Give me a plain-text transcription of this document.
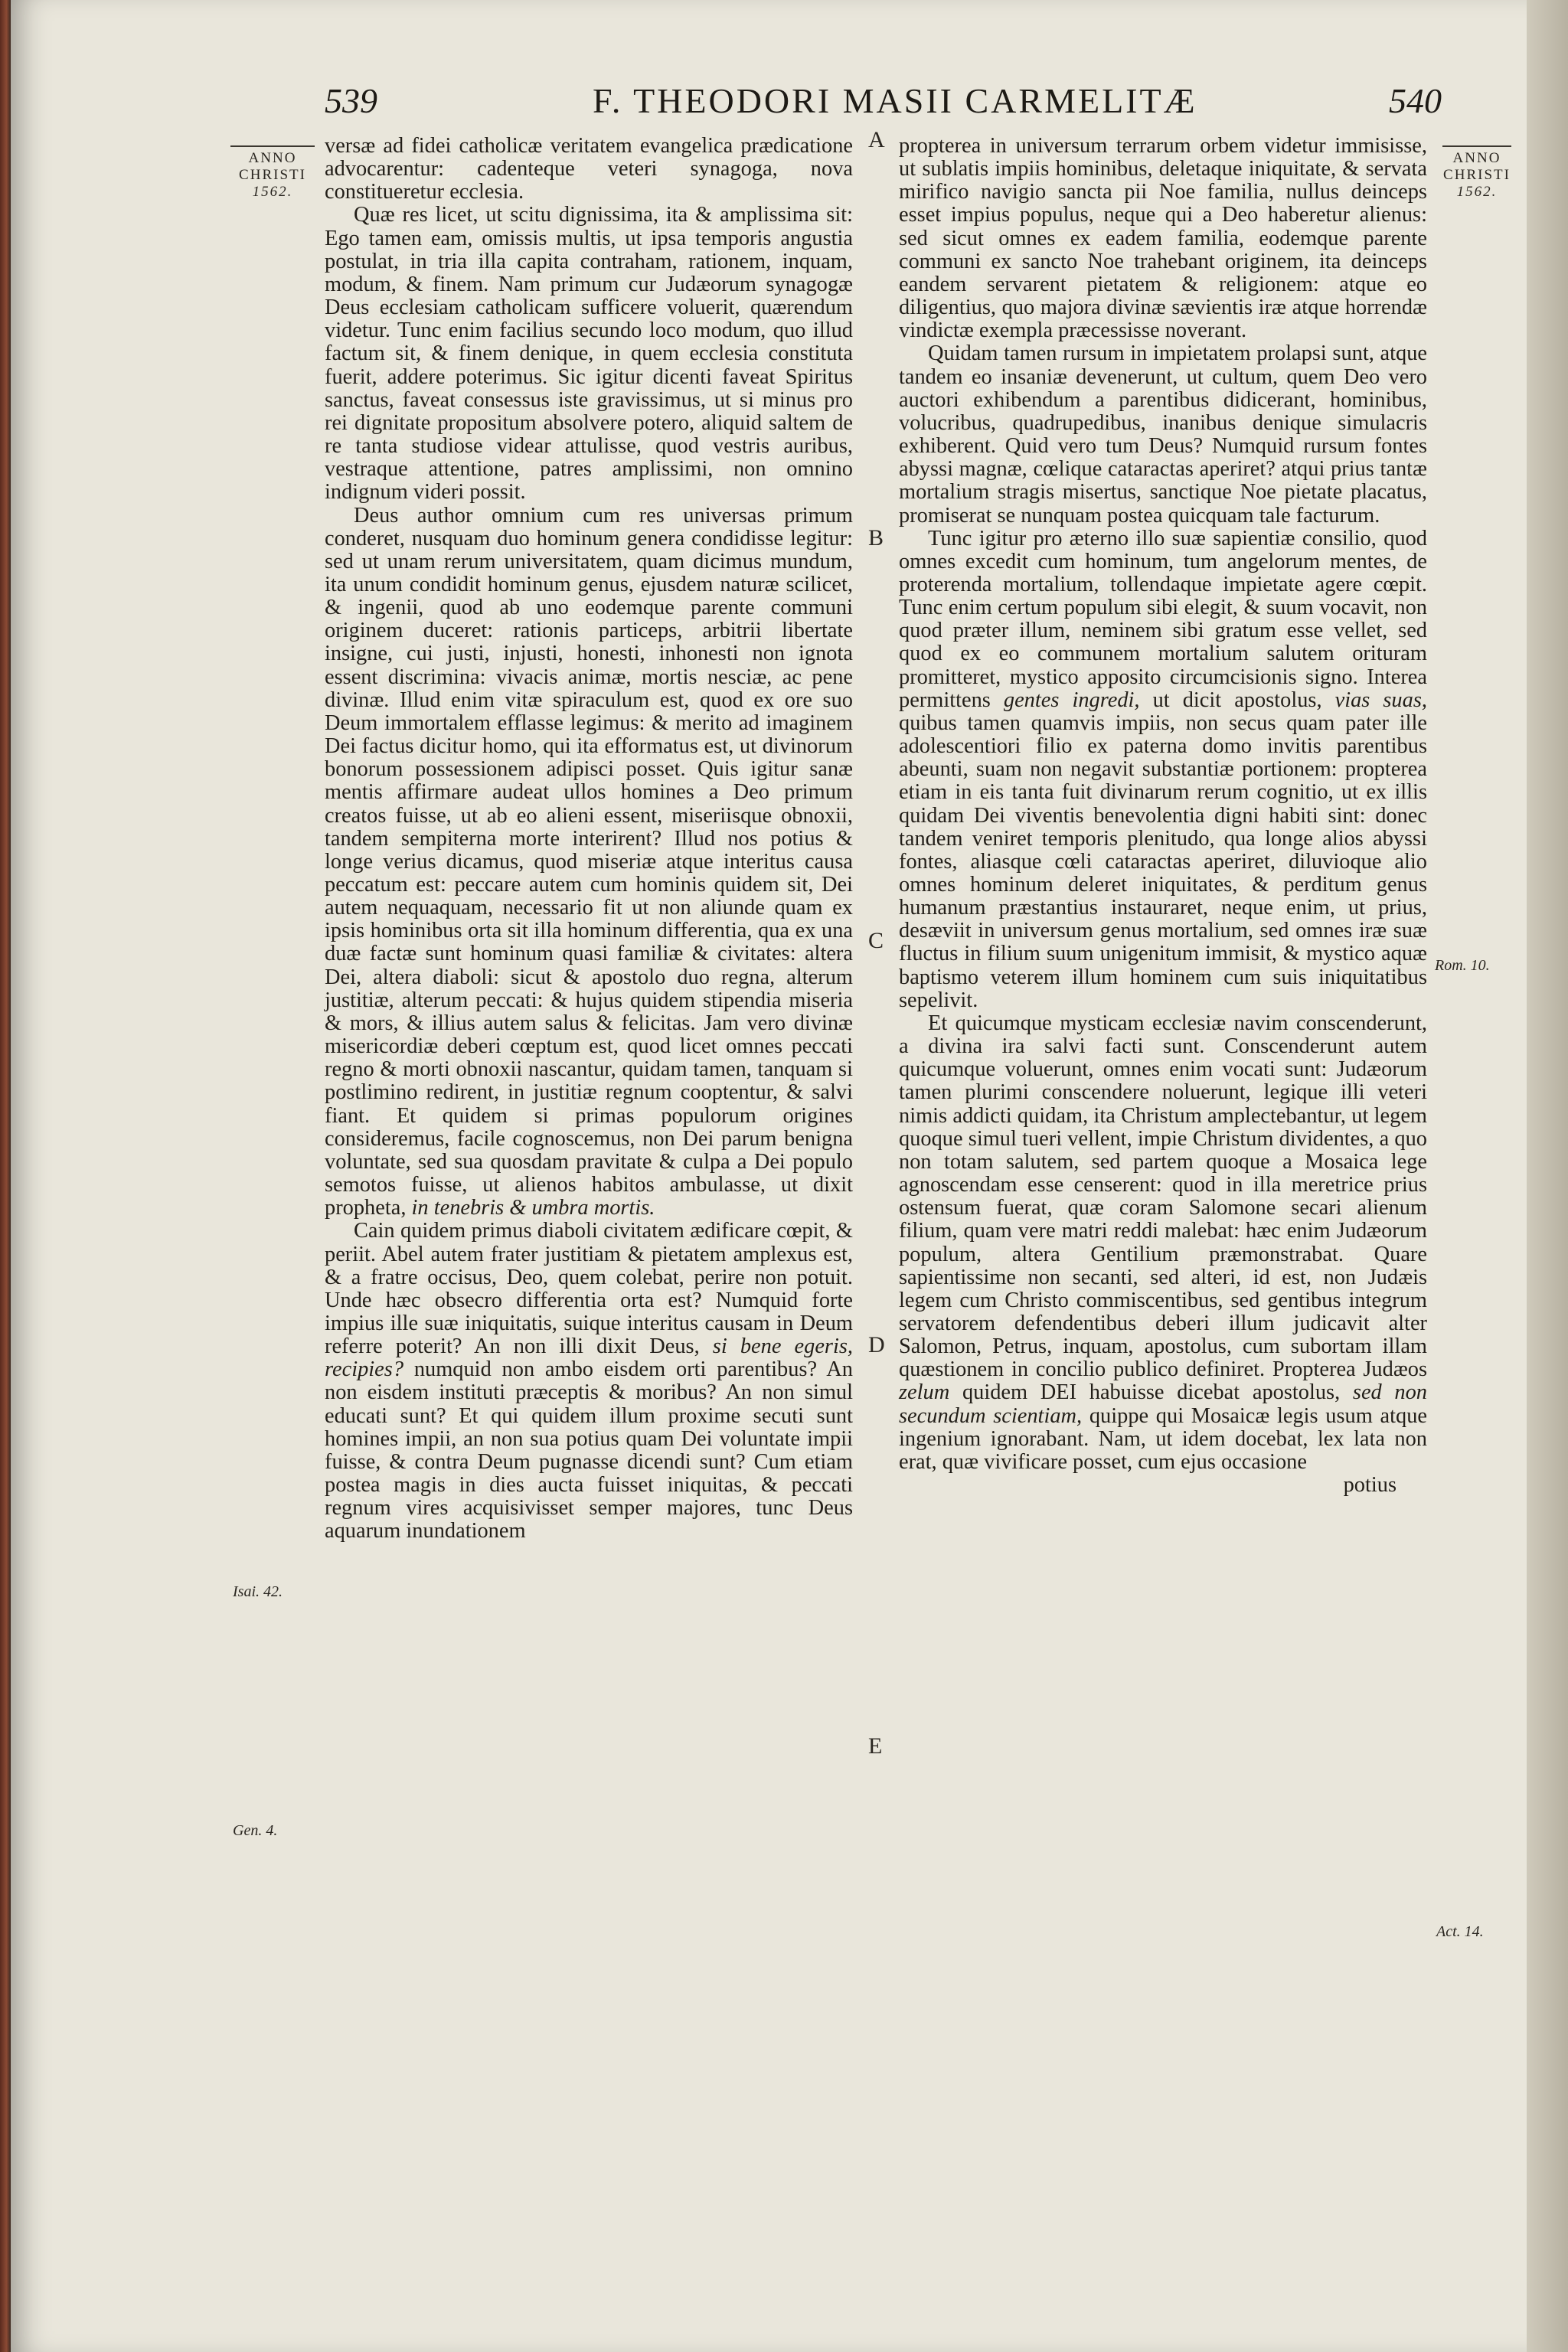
539	F. THEODORI MASII CARMELITÆ	540
ANNO
CHRISTI
1562.
Isai. 42.
Gen. 4.
A
B
C
D
E

versæ ad fidei catholicæ veritatem evangelica prædicatione advocarentur: cadenteque veteri synagoga, nova constitueretur ecclesia.

Quæ res licet, ut scitu dignissima, ita & amplissima sit: Ego tamen eam, omissis multis, ut ipsa temporis angustia postulat, in tria illa capita contraham, rationem, inquam, modum, & finem. Nam primum cur Judæorum synagogæ Deus ecclesiam catholicam sufficere voluerit, quærendum videtur. Tunc enim facilius secundo loco modum, quo illud factum sit, & finem denique, in quem ecclesia constituta fuerit, addere poterimus. Sic igitur dicenti faveat Spiritus sanctus, faveat consessus iste gravissimus, ut si minus pro rei dignitate propositum absolvere potero, aliquid saltem de re tanta studiose videar attulisse, quod vestris auribus, vestraque attentione, patres amplissimi, non omnino indignum videri possit.

Deus author omnium cum res universas primum conderet, nusquam duo hominum genera condidisse legitur: sed ut unam rerum universitatem, quam dicimus mundum, ita unum condidit hominum genus, ejusdem naturæ scilicet, & ingenii, quod ab uno eodemque parente communi originem duceret: rationis particeps, arbitrii libertate insigne, cui justi, injusti, honesti, inhonesti non ignota essent discrimina: vivacis animæ, mortis nesciæ, ac pene divinæ. Illud enim vitæ spiraculum est, quod ex ore suo Deum immortalem efflasse legimus: & merito ad imaginem Dei factus dicitur homo, qui ita efformatus est, ut divinorum bonorum possessionem adipisci posset. Quis igitur sanæ mentis affirmare audeat ullos homines a Deo primum creatos fuisse, ut ab eo alieni essent, miseriisque obnoxii, tandem sempiterna morte interirent? Illud nos potius & longe verius dicamus, quod miseriæ atque interitus causa peccatum est: peccare autem cum hominis quidem sit, Dei autem nequaquam, necessario fit ut non aliunde quam ex ipsis hominibus orta sit illa hominum differentia, qua ex una duæ factæ sunt hominum quasi familiæ & civitates: altera Dei, altera diaboli: sicut & apostolo duo regna, alterum justitiæ, alterum peccati: & hujus quidem stipendia miseria & mors, & illius autem salus & felicitas. Jam vero divinæ misericordiæ deberi cœptum est, quod licet omnes peccati regno & morti obnoxii nascantur, quidam tamen, tanquam si postlimino redirent, in justitiæ regnum cooptentur, & salvi fiant. Et quidem si primas populorum origines consideremus, facile cognoscemus, non Dei parum benigna voluntate, sed sua quosdam pravitate & culpa a Dei populo semotos fuisse, ut alienos habitos ambulasse, ut dixit propheta, in tenebris & umbra mortis.

Cain quidem primus diaboli civitatem ædificare cœpit, & periit. Abel autem frater justitiam & pietatem amplexus est, & a fratre occisus, Deo, quem colebat, perire non potuit. Unde hæc obsecro differentia orta est? Numquid forte impius ille suæ iniquitatis, suique interitus causam in Deum referre poterit? An non illi dixit Deus, si bene egeris, recipies? numquid non ambo eisdem orti parentibus? An non eisdem instituti præceptis & moribus? An non simul educati sunt? Et qui quidem illum proxime secuti sunt homines impii, an non sua potius quam Dei voluntate impii fuisse, & contra Deum pugnasse dicendi sunt? Cum etiam postea magis in dies aucta fuisset iniquitas, & peccati regnum vires acquisivisset semper majores, tunc Deus aquarum inundationem

propterea in universum terrarum orbem videtur immisisse, ut sublatis impiis hominibus, deletaque iniquitate, & servata mirifico navigio sancta pii Noe familia, nullus deinceps esset impius populus, neque qui a Deo haberetur alienus: sed sicut omnes ex eadem familia, eodemque parente communi ex sancto Noe trahebant originem, ita deinceps eandem servarent pietatem & religionem: atque eo diligentius, quo majora divinæ sævientis iræ atque horrendæ vindictæ exempla præcessisse noverant.

Quidam tamen rursum in impietatem prolapsi sunt, atque tandem eo insaniæ devenerunt, ut cultum, quem Deo vero auctori exhibendum a parentibus didicerant, hominibus, volucribus, quadrupedibus, inanibus denique simulacris exhiberent. Quid vero tum Deus? Numquid rursum fontes abyssi magnæ, cœlique cataractas aperiret? atqui prius tantæ mortalium stragis misertus, sanctique Noe pietate placatus, promiserat se nunquam postea quicquam tale facturum.

Tunc igitur pro æterno illo suæ sapientiæ consilio, quod omnes excedit cum hominum, tum angelorum mentes, de proterenda mortalium, tollendaque impietate agere cœpit. Tunc enim certum populum sibi elegit, & suum vocavit, non quod præter illum, neminem sibi gratum esse vellet, sed quod ex eo communem mortalium salutem orituram promitteret, mystico apposito circumcisionis signo. Interea permittens gentes ingredi, ut dicit apostolus, vias suas, quibus tamen quamvis impiis, non secus quam pater ille adolescentiori filio ex paterna domo invitis parentibus abeunti, suam non negavit substantiæ portionem: propterea etiam in eis tanta fuit divinarum rerum cognitio, ut ex illis quidam Dei viventis benevolentia digni habiti sint: donec tandem veniret temporis plenitudo, qua longe alios abyssi fontes, aliasque cœli cataractas aperiret, diluvioque alio omnes hominum deleret iniquitates, & perditum genus humanum præstantius instauraret, neque enim, ut prius, desæviit in universum genus mortalium, sed omnes iræ suæ fluctus in filium suum unigenitum immisit, & mystico aquæ baptismo veterem illum hominem cum suis iniquitatibus sepelivit.

Et quicumque mysticam ecclesiæ navim conscenderunt, a divina ira salvi facti sunt. Conscenderunt autem quicumque voluerunt, omnes enim vocati sunt: Judæorum tamen plurimi conscendere noluerunt, legique illi veteri nimis addicti quidam, ita Christum amplectebantur, ut legem quoque simul tueri vellent, impie Christum dividentes, a quo non totam salutem, sed partem quoque a Mosaica lege agnoscendam esse censerent: quod in illa meretrice prius ostensum fuerat, quæ coram Salomone secari alienum filium, quam vere matri reddi malebat: hæc enim Judæorum populum, altera Gentilium præmonstrabat. Quare sapientissime non secanti, sed alteri, id est, non Judæis legem cum Christo commiscentibus, sed gentibus integrum servatorem defendentibus deberi illum judicavit alter Salomon, Petrus, inquam, apostolus, cum subortam illam quæstionem in concilio publico definiret. Propterea Judæos zelum quidem DEI habuisse dicebat apostolus, sed non secundum scientiam, quippe qui Mosaicæ legis usum atque ingenium ignorabant. Nam, ut idem docebat, lex lata non erat, quæ vivificare posset, cum ejus occasione

potius

ANNO
CHRISTI
1562.
Rom. 10.
Act. 14.
